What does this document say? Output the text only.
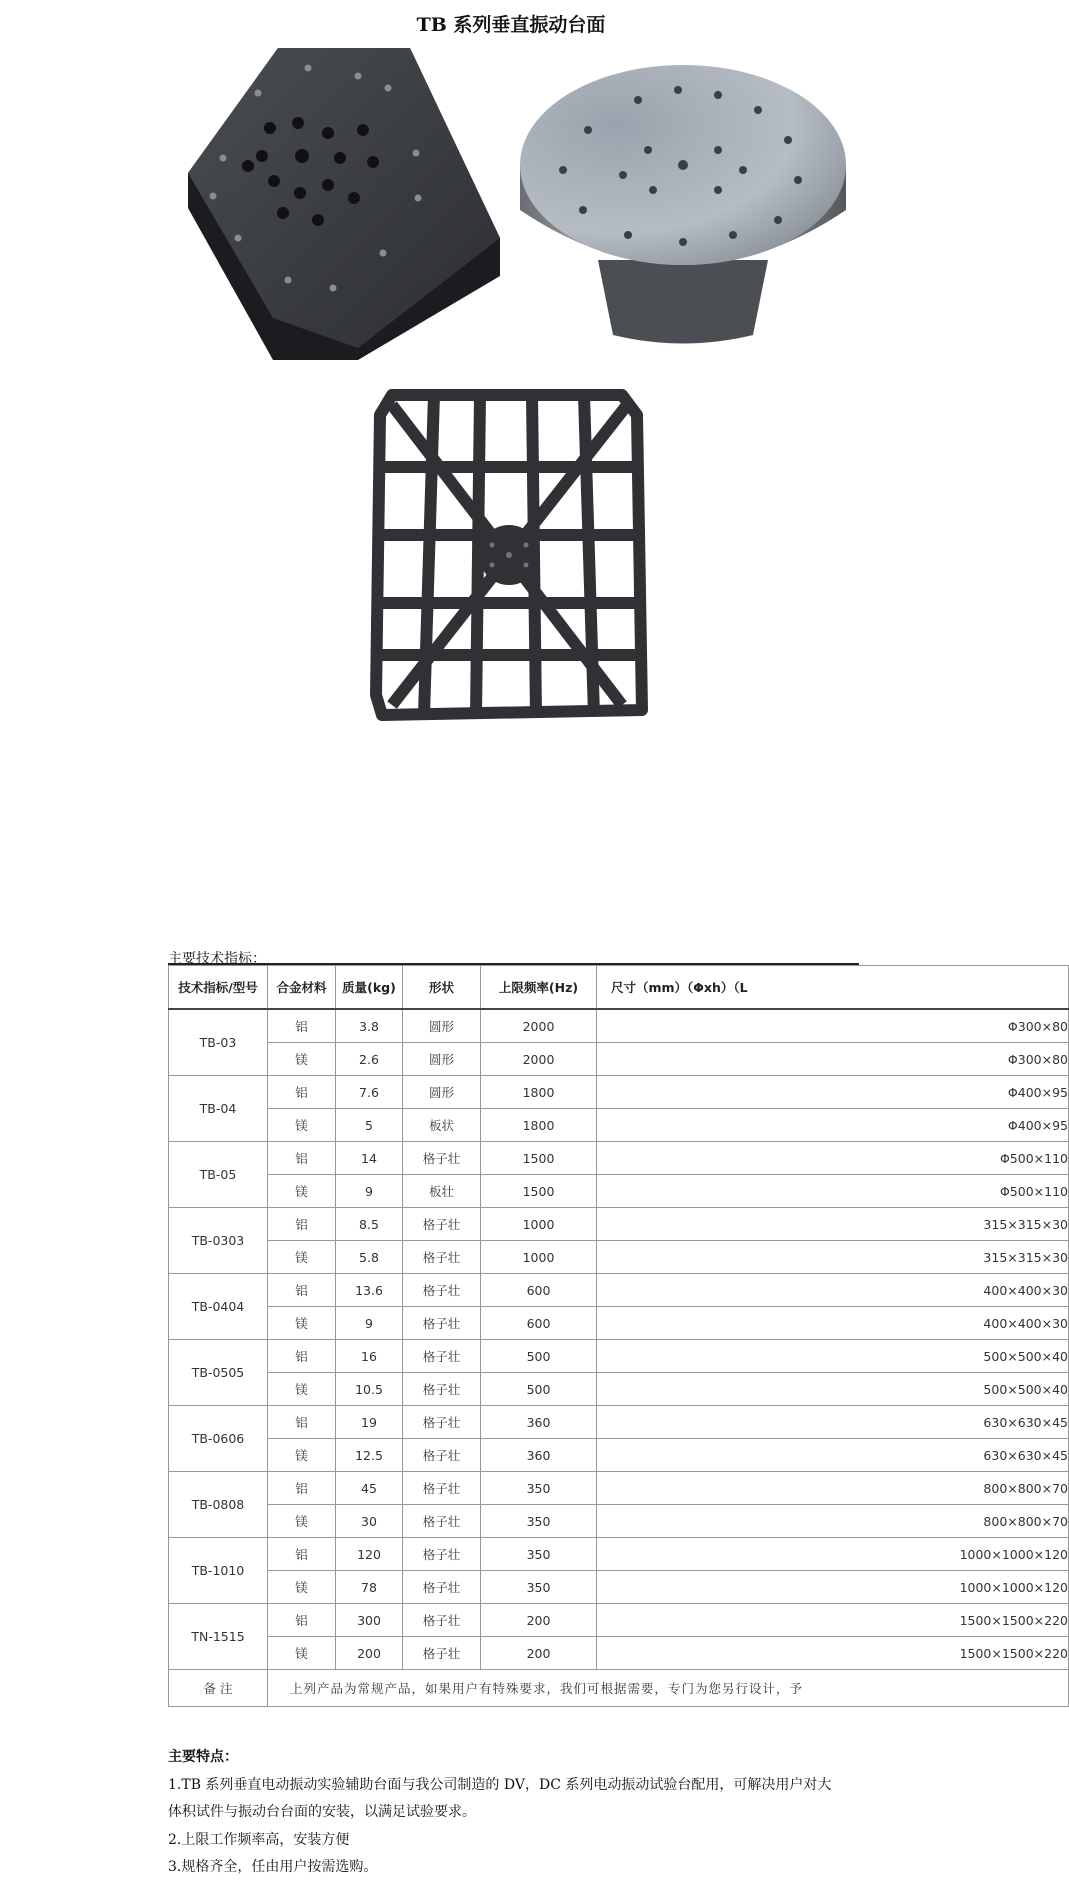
TB 系列垂直振动台面
主要技术指标：
技术指标/型号	合金材料	质量(kg)	形状	上限频率(Hz)	尺寸（mm）（Φxh）（L
TB-03	铝	3.8	圆形	2000	Φ300×80
	镁	2.6	圆形	2000	Φ300×80
TB-04	铝	7.6	圆形	1800	Φ400×95
	镁	5	板状	1800	Φ400×95
TB-05	铝	14	格子壮	1500	Φ500×110
	镁	9	板壮	1500	Φ500×110
TB-0303	铝	8.5	格子壮	1000	315×315×30
	镁	5.8	格子壮	1000	315×315×30
TB-0404	铝	13.6	格子壮	600	400×400×30
	镁	9	格子壮	600	400×400×30
TB-0505	铝	16	格子壮	500	500×500×40
	镁	10.5	格子壮	500	500×500×40
TB-0606	铝	19	格子壮	360	630×630×45
	镁	12.5	格子壮	360	630×630×45
TB-0808	铝	45	格子壮	350	800×800×70
	镁	30	格子壮	350	800×800×70
TB-1010	铝	120	格子壮	350	1000×1000×120
	镁	78	格子壮	350	1000×1000×120
TN-1515	铝	300	格子壮	200	1500×1500×220
	镁	200	格子壮	200	1500×1500×220
备 注	上列产品为常规产品，如果用户有特殊要求，我们可根据需要，专门为您另行设计，予				
主要特点：
1.TB 系列垂直电动振动实验辅助台面与我公司制造的 DV，DC 系列电动振动试验台配用，可解决用户对大
体积试件与振动台台面的安装，以满足试验要求。
2.上限工作频率高，安装方便
3.规格齐全，任由用户按需选购。
